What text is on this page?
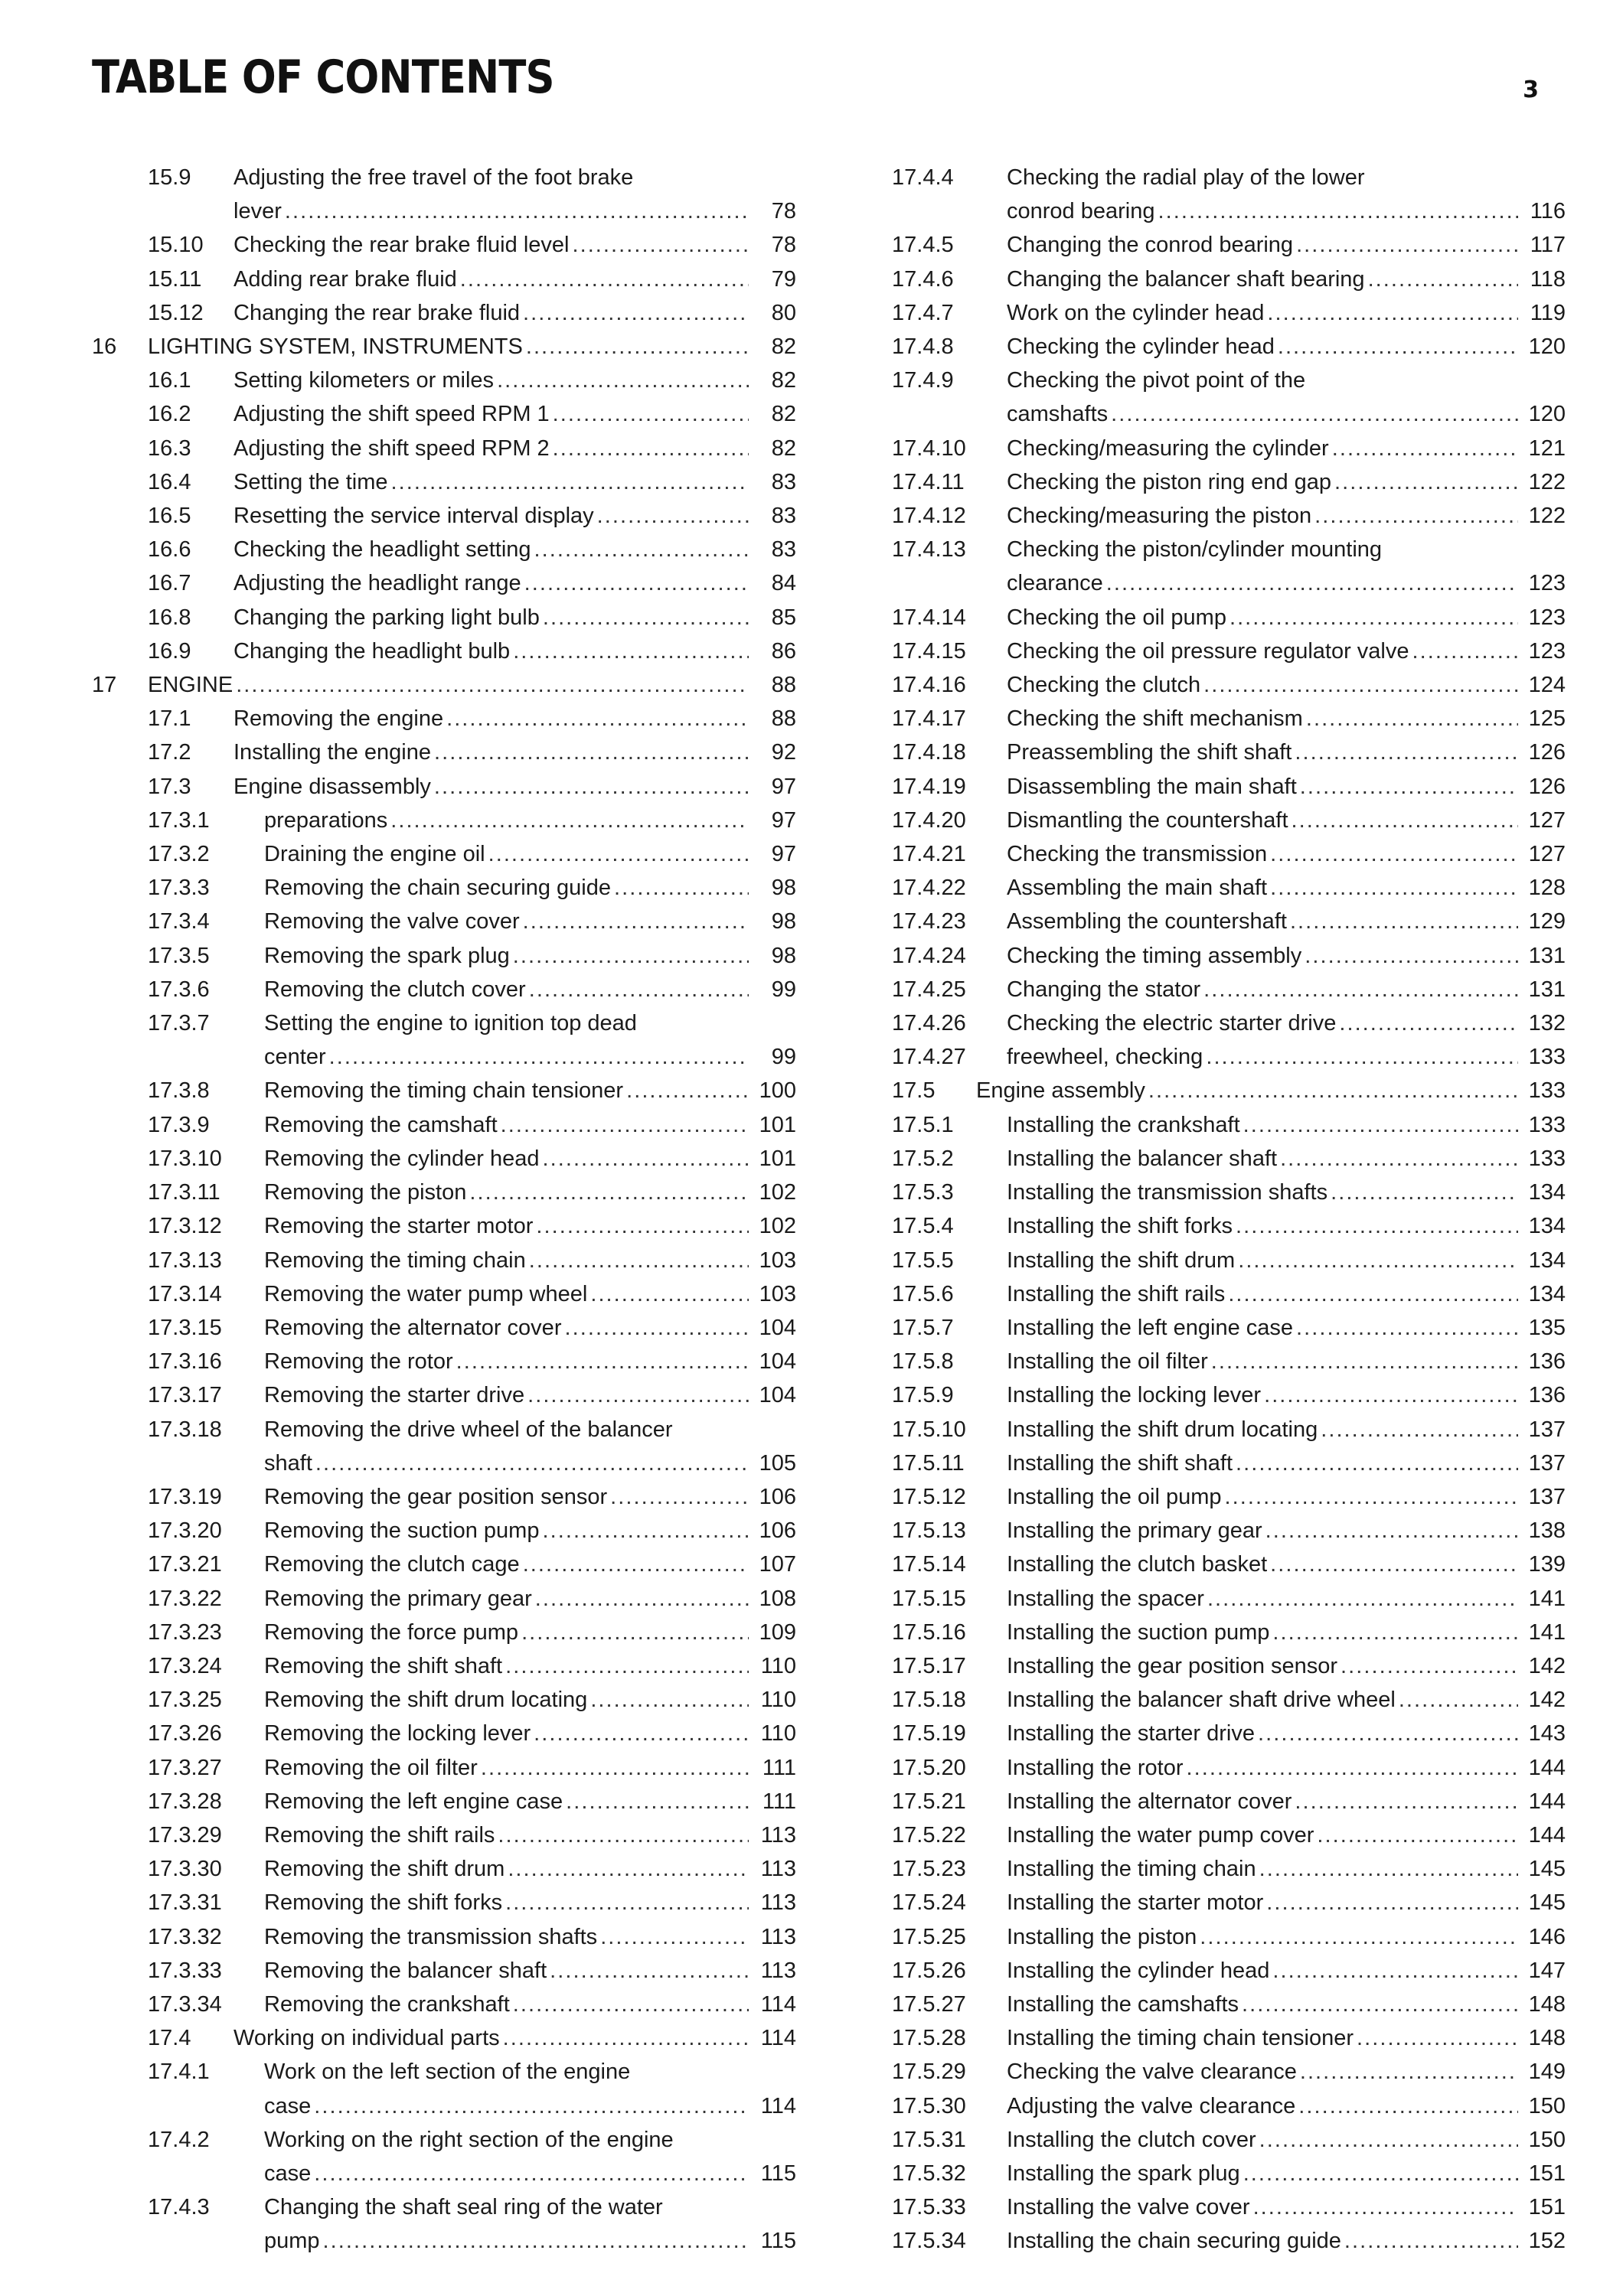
TABLE OF CONTENTS	3
15.9 Adjusting the free travel of the foot brake
lever . . .	78
15.10 Checking the rear brake fluid level . . .	78
15.11 Adding rear brake fluid . . .	79
15.12 Changing the rear brake fluid . . .	80
16 LIGHTING SYSTEM, INSTRUMENTS . . .	82
16.1 Setting kilometers or miles . . .	82
16.2 Adjusting the shift speed RPM 1 . . .	82
16.3 Adjusting the shift speed RPM 2 . . .	82
16.4 Setting the time . . .	83
16.5 Resetting the service interval display . . .	83
16.6 Checking the headlight setting . . .	83
16.7 Adjusting the headlight range . . .	84
16.8 Changing the parking light bulb . . .	85
16.9 Changing the headlight bulb . . .	86
17 ENGINE . . .	88
17.1 Removing the engine . . .	88
17.2 Installing the engine . . .	92
17.3 Engine disassembly . . .	97
17.3.1 preparations . . .	97
17.3.2 Draining the engine oil . . .	97
17.3.3 Removing the chain securing guide . . .	98
17.3.4 Removing the valve cover . . .	98
17.3.5 Removing the spark plug . . .	98
17.3.6 Removing the clutch cover . . .	99
17.3.7 Setting the engine to ignition top dead
center . . .	99
17.3.8 Removing the timing chain tensioner . . .	100
17.3.9 Removing the camshaft . . .	101
17.3.10 Removing the cylinder head . . .	101
17.3.11 Removing the piston . . .	102
17.3.12 Removing the starter motor . . .	102
17.3.13 Removing the timing chain . . .	103
17.3.14 Removing the water pump wheel . . .	103
17.3.15 Removing the alternator cover . . .	104
17.3.16 Removing the rotor . . .	104
17.3.17 Removing the starter drive . . .	104
17.3.18 Removing the drive wheel of the balancer
shaft . . .	105
17.3.19 Removing the gear position sensor . . .	106
17.3.20 Removing the suction pump . . .	106
17.3.21 Removing the clutch cage . . .	107
17.3.22 Removing the primary gear . . .	108
17.3.23 Removing the force pump . . .	109
17.3.24 Removing the shift shaft . . .	110
17.3.25 Removing the shift drum locating . . .	110
17.3.26 Removing the locking lever . . .	110
17.3.27 Removing the oil filter . . .	111
17.3.28 Removing the left engine case . . .	111
17.3.29 Removing the shift rails . . .	113
17.3.30 Removing the shift drum . . .	113
17.3.31 Removing the shift forks . . .	113
17.3.32 Removing the transmission shafts . . .	113
17.3.33 Removing the balancer shaft . . .	113
17.3.34 Removing the crankshaft . . .	114
17.4 Working on individual parts . . .	114
17.4.1 Work on the left section of the engine
case . . .	114
17.4.2 Working on the right section of the engine
case . . .	115
17.4.3 Changing the shaft seal ring of the water
pump . . .	115
17.4.4 Checking the radial play of the lower
conrod bearing . . .	116
17.4.5 Changing the conrod bearing . . .	117
17.4.6 Changing the balancer shaft bearing . . .	118
17.4.7 Work on the cylinder head . . .	119
17.4.8 Checking the cylinder head . . .	120
17.4.9 Checking the pivot point of the
camshafts . . .	120
17.4.10 Checking/measuring the cylinder . . .	121
17.4.11 Checking the piston ring end gap . . .	122
17.4.12 Checking/measuring the piston . . .	122
17.4.13 Checking the piston/cylinder mounting
clearance . . .	123
17.4.14 Checking the oil pump . . .	123
17.4.15 Checking the oil pressure regulator valve . . .	123
17.4.16 Checking the clutch . . .	124
17.4.17 Checking the shift mechanism . . .	125
17.4.18 Preassembling the shift shaft . . .	126
17.4.19 Disassembling the main shaft . . .	126
17.4.20 Dismantling the countershaft . . .	127
17.4.21 Checking the transmission . . .	127
17.4.22 Assembling the main shaft . . .	128
17.4.23 Assembling the countershaft . . .	129
17.4.24 Checking the timing assembly . . .	131
17.4.25 Changing the stator . . .	131
17.4.26 Checking the electric starter drive . . .	132
17.4.27 freewheel, checking . . .	133
17.5 Engine assembly . . .	133
17.5.1 Installing the crankshaft . . .	133
17.5.2 Installing the balancer shaft . . .	133
17.5.3 Installing the transmission shafts . . .	134
17.5.4 Installing the shift forks . . .	134
17.5.5 Installing the shift drum . . .	134
17.5.6 Installing the shift rails . . .	134
17.5.7 Installing the left engine case . . .	135
17.5.8 Installing the oil filter . . .	136
17.5.9 Installing the locking lever . . .	136
17.5.10 Installing the shift drum locating . . .	137
17.5.11 Installing the shift shaft . . .	137
17.5.12 Installing the oil pump . . .	137
17.5.13 Installing the primary gear . . .	138
17.5.14 Installing the clutch basket . . .	139
17.5.15 Installing the spacer . . .	141
17.5.16 Installing the suction pump . . .	141
17.5.17 Installing the gear position sensor . . .	142
17.5.18 Installing the balancer shaft drive wheel . . .	142
17.5.19 Installing the starter drive . . .	143
17.5.20 Installing the rotor . . .	144
17.5.21 Installing the alternator cover . . .	144
17.5.22 Installing the water pump cover . . .	144
17.5.23 Installing the timing chain . . .	145
17.5.24 Installing the starter motor . . .	145
17.5.25 Installing the piston . . .	146
17.5.26 Installing the cylinder head . . .	147
17.5.27 Installing the camshafts . . .	148
17.5.28 Installing the timing chain tensioner . . .	148
17.5.29 Checking the valve clearance . . .	149
17.5.30 Adjusting the valve clearance . . .	150
17.5.31 Installing the clutch cover . . .	150
17.5.32 Installing the spark plug . . .	151
17.5.33 Installing the valve cover . . .	151
17.5.34 Installing the chain securing guide . . .	152
